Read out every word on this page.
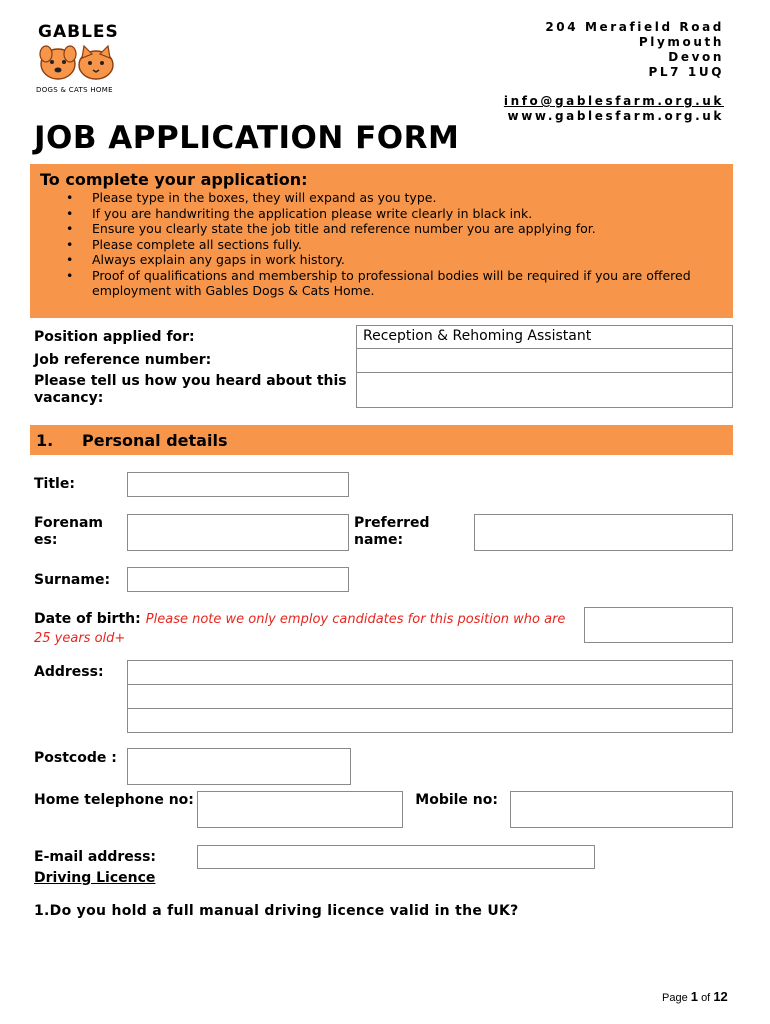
GABLES
DOGS & CATS HOME
204 Merafield Road
Plymouth
Devon
PL7 1UQ
info@gablesfarm.org.uk
www.gablesfarm.org.uk
JOB APPLICATION FORM
To complete your application:
• Please type in the boxes, they will expand as you type.
• If you are handwriting the application please write clearly in black ink.
• Ensure you clearly state the job title and reference number you are applying for.
• Please complete all sections fully.
• Always explain any gaps in work history.
• Proof of qualifications and membership to professional bodies will be required if you are offered employment with Gables Dogs & Cats Home.
Position applied for:
Job reference number:
Please tell us how you heard about this vacancy:
Reception & Rehoming Assistant
1. Personal details
Title:
Forenam es:
Preferred name:
Surname:
Date of birth: Please note we only employ candidates for this position who are 25 years old+
Address:
Postcode :
Home telephone no:	Mobile no:
E-mail address:
Driving Licence
1.Do you hold a full manual driving licence valid in the UK?
Page 1 of 12
